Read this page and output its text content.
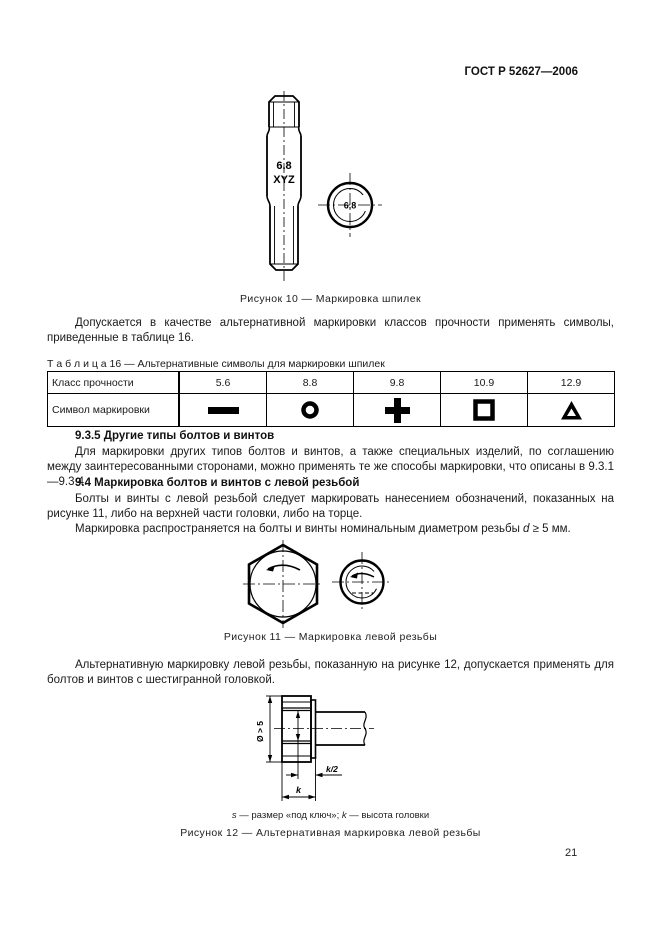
ГОСТ Р 52627—2006
6.8
XYZ
6.8
Рисунок 10 — Маркировка шпилек
Допускается в качестве альтернативной маркировки классов прочности применять символы, приведенные в таблице 16.
Т а б л и ц а 16 — Альтернативные символы для маркировки шпилек
Класс прочности	5.6	8.8	9.8	10.9	12.9
Символ маркировки	

9.3.5 Другие типы болтов и винтов
Для маркировки других типов болтов и винтов, а также специальных изделий, по соглашению между заинтересованными сторонами, можно применять те же способы маркировки, что описаны в 9.3.1—9.3.4.
9.4 Маркировка болтов и винтов с левой резьбой
Болты и винты с левой резьбой следует маркировать нанесением обозначений, показанных на рисунке 11, либо на верхней части головки, либо на торце.
Маркировка распространяется на болты и винты номинальным диаметром резьбы d ≥ 5 мм.
Рисунок 11 — Маркировка левой резьбы
Альтернативную маркировку левой резьбы, показанную на рисунке 12, допускается применять для болтов и винтов с шестигранной головкой.
Ø > 5
k/2
k
s — размер «под ключ»; k — высота головки
Рисунок 12 — Альтернативная маркировка левой резьбы
21
